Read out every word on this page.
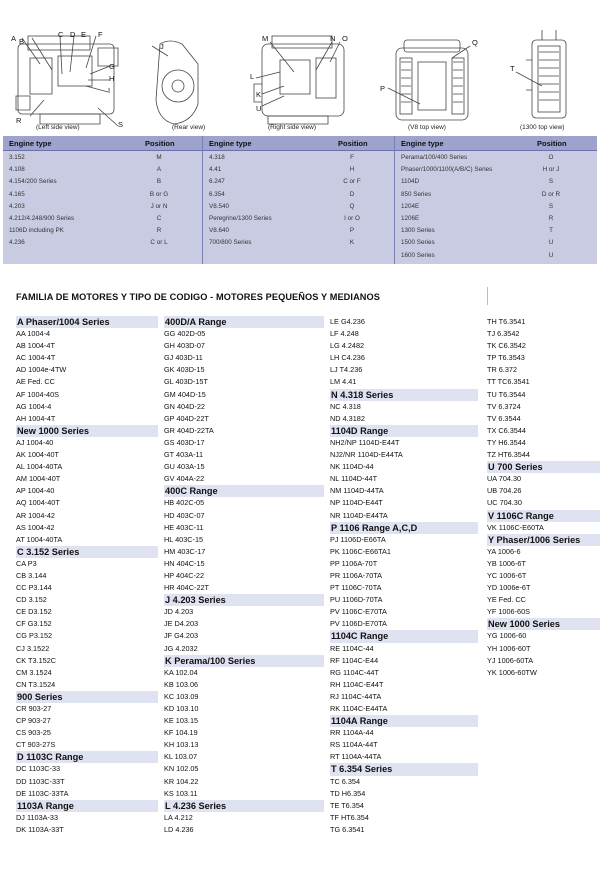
A B
C D E F
G
H
I
R	S
(Left side view)
J
(Rear view)
M	N O
L
K
U
(Right side view)
Q
P
(V8 top view)
T
(1300 top view)
Engine type	Position
3.152	M
4.108	A
4.154/200 Series	B
4.165	B or G
4.203	J or N
4.212/4.248/900 Series	C
1106D including PK	R
4.236	C or L
Engine type	Position
4.318	F
4.41	H
6.247	C or F
6.354	D
V8.540	Q
Peregrine/1300 Series	I or O
V8.640	P
700/800 Series	K
Engine type	Position
Perama/100/400 Series	O
Phaser/1000/1100(A/B/C) Series	H or J
1104D	S
850 Series	D or R
1204E	S
1206E	R
1300 Series	T
1500 Series	U
1600 Series	U
FAMILIA DE MOTORES Y TIPO DE CODIGO - MOTORES PEQUEÑOS Y MEDIANOS
A Phaser/1004 Series
AA 1004-4
AB 1004-4T
AC 1004-4T
AD 1004e-4TW
AE Fed. CC
AF 1004-40S
AG 1004-4
AH 1004-4T
New 1000 Series
AJ 1004-40
AK 1004-40T
AL 1004-40TA
AM 1004-40T
AP 1004-40
AQ 1004-40T
AR 1004-42
AS 1004-42
AT 1004-40TA
C 3.152 Series
CA P3
CB 3.144
CC P3.144
CD 3.152
CE D3.152
CF G3.152
CG P3.152
CJ 3.1522
CK T3.152C
CM 3.1524
CN T3.1524
900 Series
CR 903-27
CP 903-27
CS 903-25
CT 903-27S
D 1103C Range
DC 1103C-33
DD 1103C-33T
DE 1103C-33TA
1103A Range
DJ 1103A-33
DK 1103A-33T
400D/A Range
GG 402D-05
GH 403D-07
GJ 403D-11
GK 403D-15
GL 403D-15T
GM 404D-15
GN 404D-22
GP 404D-22T
GR 404D-22TA
GS 403D-17
GT 403A-11
GU 403A-15
GV 404A-22
400C Range
HB 402C-05
HD 403C-07
HE 403C-11
HL 403C-15
HM 403C-17
HN 404C-15
HP 404C-22
HR 404C-22T
J 4.203 Series
JD 4.203
JE D4.203
JF G4.203
JG 4.2032
K Perama/100 Series
KA 102.04
KB 103.06
KC 103.09
KD 103.10
KE 103.15
KF 104.19
KH 103.13
KL 103.07
KN 102.05
KR 104.22
KS 103.11
L 4.236 Series
LA 4.212
LD 4.236
LE G4.236
LF 4.248
LG 4.2482
LH C4.236
LJ T4.236
LM 4.41
N 4.318 Series
NC 4.318
ND 4.3182
1104D Range
NH2/NP 1104D-E44T
NJ2/NR 1104D-E44TA
NK 1104D-44
NL 1104D-44T
NM 1104D-44TA
NP 1104D-E44T
NR 1104D-E44TA
P 1106 Range A,C,D
PJ 1106D-E66TA
PK 1106C-E66TA1
PP 1106A-70T
PR 1106A-70TA
PT 1106C-70TA
PU 1106D-70TA
PV 1106C-E70TA
PV 1106D-E70TA
1104C Range
RE 1104C-44
RF 1104C-E44
RG 1104C-44T
RH 1104C-E44T
RJ 1104C-44TA
RK 1104C-E44TA
1104A Range
RR 1104A-44
RS 1104A-44T
RT 1104A-44TA
T 6.354 Series
TC 6.354
TD H6.354
TE T6.354
TF HT6.354
TG 6.3541
TH T6.3541
TJ 6.3542
TK C6.3542
TP T6.3543
TR 6.372
TT TC6.3541
TU T6.3544
TV 6.3724
TV 6.3544
TX C6.3544
TY H6.3544
TZ HT6.3544
U 700 Series
UA 704.30
UB 704.26
UC 704.30
V 1106C Range
VK 1106C-E60TA
Y Phaser/1006 Series
YA 1006-6
YB 1006-6T
YC 1006-6T
YD 1006e-6T
YE Fed. CC
YF 1006-60S
New 1000 Series
YG 1006-60
YH 1006-60T
YJ 1006-60TA
YK 1006-60TW
